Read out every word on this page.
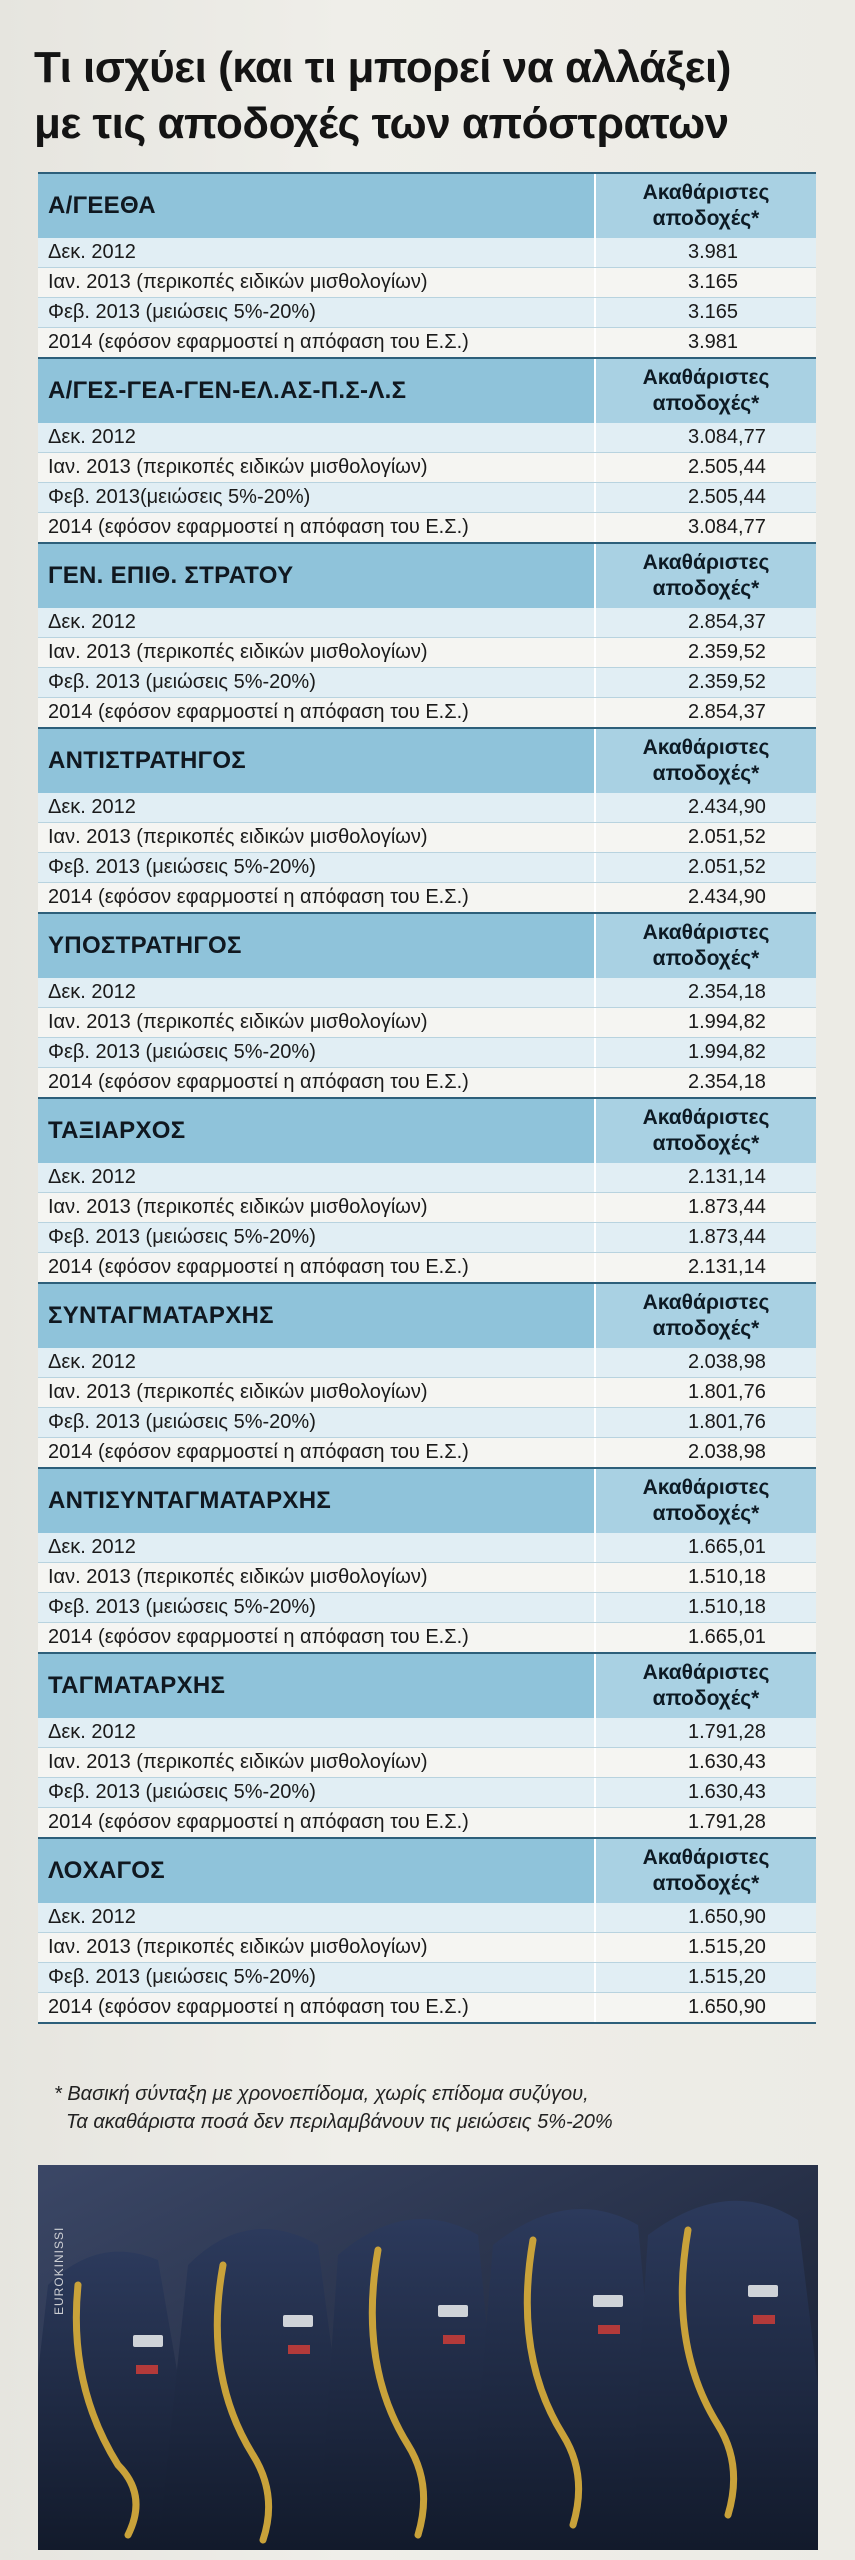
Τι ισχύει (και τι μπορεί να αλλάξει)
με τις αποδοχές των απόστρατων
Α/ΓΕΕΘΑ	Ακαθάριστες αποδοχές*
Δεκ. 2012	3.981
Ιαν. 2013 (περικοπές ειδικών μισθολογίων)	3.165
Φεβ. 2013 (μειώσεις 5%-20%)	3.165
2014 (εφόσον εφαρμοστεί η απόφαση του Ε.Σ.)	3.981
Α/ΓΕΣ-ΓΕΑ-ΓΕΝ-ΕΛ.ΑΣ-Π.Σ-Λ.Σ	Ακαθάριστες αποδοχές*
Δεκ. 2012	3.084,77
Ιαν. 2013 (περικοπές ειδικών μισθολογίων)	2.505,44
Φεβ. 2013(μειώσεις 5%-20%)	2.505,44
2014 (εφόσον εφαρμοστεί η απόφαση του Ε.Σ.)	3.084,77
ΓΕΝ. ΕΠΙΘ. ΣΤΡΑΤΟΥ	Ακαθάριστες αποδοχές*
Δεκ. 2012	2.854,37
Ιαν. 2013 (περικοπές ειδικών μισθολογίων)	2.359,52
Φεβ. 2013 (μειώσεις 5%-20%)	2.359,52
2014 (εφόσον εφαρμοστεί η απόφαση του Ε.Σ.)	2.854,37
ΑΝΤΙΣΤΡΑΤΗΓΟΣ	Ακαθάριστες αποδοχές*
Δεκ. 2012	2.434,90
Ιαν. 2013 (περικοπές ειδικών μισθολογίων)	2.051,52
Φεβ. 2013 (μειώσεις 5%-20%)	2.051,52
2014 (εφόσον εφαρμοστεί η απόφαση του Ε.Σ.)	2.434,90
ΥΠΟΣΤΡΑΤΗΓΟΣ	Ακαθάριστες αποδοχές*
Δεκ. 2012	2.354,18
Ιαν. 2013 (περικοπές ειδικών μισθολογίων)	1.994,82
Φεβ. 2013 (μειώσεις 5%-20%)	1.994,82
2014 (εφόσον εφαρμοστεί η απόφαση του Ε.Σ.)	2.354,18
ΤΑΞΙΑΡΧΟΣ	Ακαθάριστες αποδοχές*
Δεκ. 2012	2.131,14
Ιαν. 2013 (περικοπές ειδικών μισθολογίων)	1.873,44
Φεβ. 2013 (μειώσεις 5%-20%)	1.873,44
2014 (εφόσον εφαρμοστεί η απόφαση του Ε.Σ.)	2.131,14
ΣΥΝΤΑΓΜΑΤΑΡΧΗΣ	Ακαθάριστες αποδοχές*
Δεκ. 2012	2.038,98
Ιαν. 2013 (περικοπές ειδικών μισθολογίων)	1.801,76
Φεβ. 2013 (μειώσεις 5%-20%)	1.801,76
2014 (εφόσον εφαρμοστεί η απόφαση του Ε.Σ.)	2.038,98
ΑΝΤΙΣΥΝΤΑΓΜΑΤΑΡΧΗΣ	Ακαθάριστες αποδοχές*
Δεκ. 2012	1.665,01
Ιαν. 2013 (περικοπές ειδικών μισθολογίων)	1.510,18
Φεβ. 2013 (μειώσεις 5%-20%)	1.510,18
2014 (εφόσον εφαρμοστεί η απόφαση του Ε.Σ.)	1.665,01
ΤΑΓΜΑΤΑΡΧΗΣ	Ακαθάριστες αποδοχές*
Δεκ. 2012	1.791,28
Ιαν. 2013 (περικοπές ειδικών μισθολογίων)	1.630,43
Φεβ. 2013 (μειώσεις 5%-20%)	1.630,43
2014 (εφόσον εφαρμοστεί η απόφαση του Ε.Σ.)	1.791,28
ΛΟΧΑΓΟΣ	Ακαθάριστες αποδοχές*
Δεκ. 2012	1.650,90
Ιαν. 2013 (περικοπές ειδικών μισθολογίων)	1.515,20
Φεβ. 2013 (μειώσεις 5%-20%)	1.515,20
2014 (εφόσον εφαρμοστεί η απόφαση του Ε.Σ.)	1.650,90
* Βασική σύνταξη με χρονοεπίδομα, χωρίς επίδομα συζύγου,
Τα ακαθάριστα ποσά δεν περιλαμβάνουν τις μειώσεις 5%-20%
EUROKINISSI
